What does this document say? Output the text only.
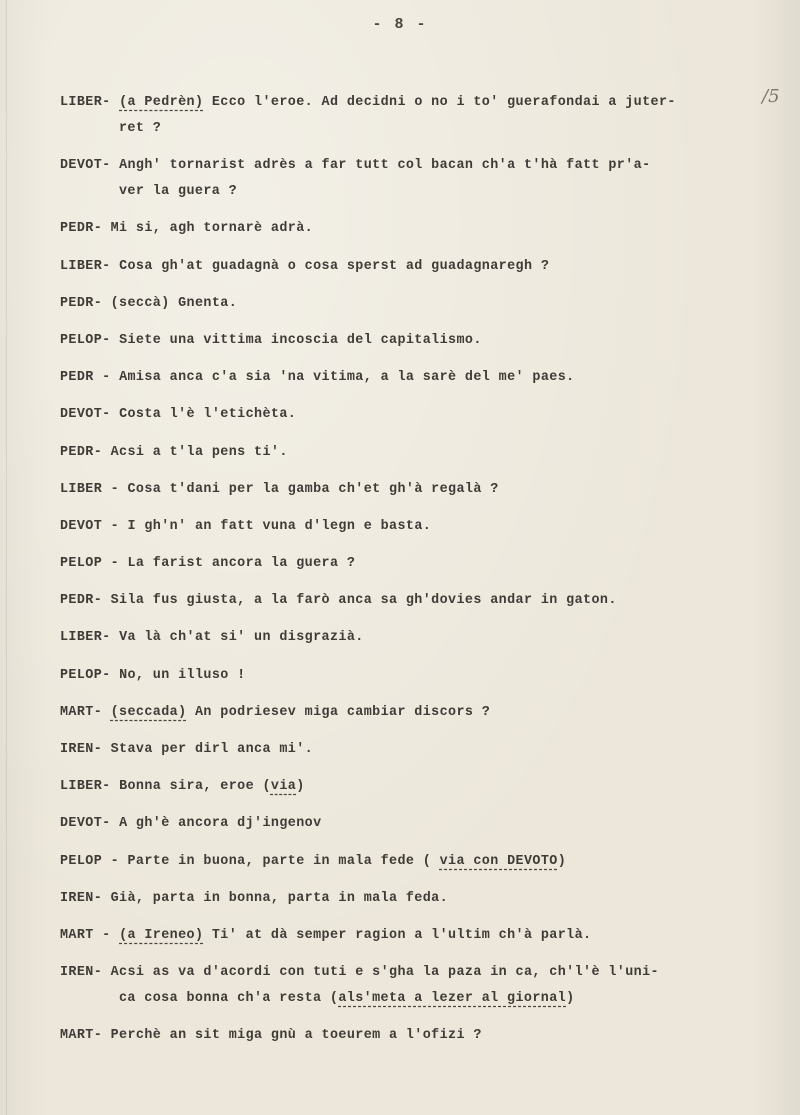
- 8 -
/5
LIBER- (a Pedrèn) Ecco l'eroe. Ad decidni o no i to' guerafondai a juter-
ret ?
DEVOT- Angh' tornarist adrès a far tutt col bacan ch'a t'hà fatt pr'a-
ver la guera ?
PEDR- Mi si, agh tornarè adrà.
LIBER- Cosa gh'at guadagnà o cosa sperst ad guadagnaregh ?
PEDR- (seccà) Gnenta.
PELOP- Siete una vittima incoscia del capitalismo.
PEDR - Amisa anca c'a sia 'na vitima, a la sarè del me' paes.
DEVOT- Costa l'è l'etichèta.
PEDR- Acsi a t'la pens ti'.
LIBER - Cosa t'dani per la gamba ch'et gh'à regalà ?
DEVOT - I gh'n' an fatt vuna d'legn e basta.
PELOP - La farist ancora la guera ?
PEDR- Sila fus giusta, a la farò anca sa gh'dovies andar in gaton.
LIBER- Va là ch'at si' un disgrazià.
PELOP- No, un illuso !
MART- (seccada) An podriesev miga cambiar discors ?
IREN- Stava per dirl anca mi'.
LIBER- Bonna sira, eroe (via)
DEVOT- A gh'è ancora dj'ingenov
PELOP - Parte in buona, parte in mala fede ( via con DEVOTO)
IREN- Già, parta in bonna, parta in mala feda.
MART - (a Ireneo) Ti' at dà semper ragion a l'ultim ch'à parlà.
IREN- Acsi as va d'acordi con tuti e s'gha la paza in ca, ch'l'è l'uni-
ca cosa bonna ch'a resta (als'meta a lezer al giornal)
MART- Perchè an sit miga gnù a toeurem a l'ofizi ?
